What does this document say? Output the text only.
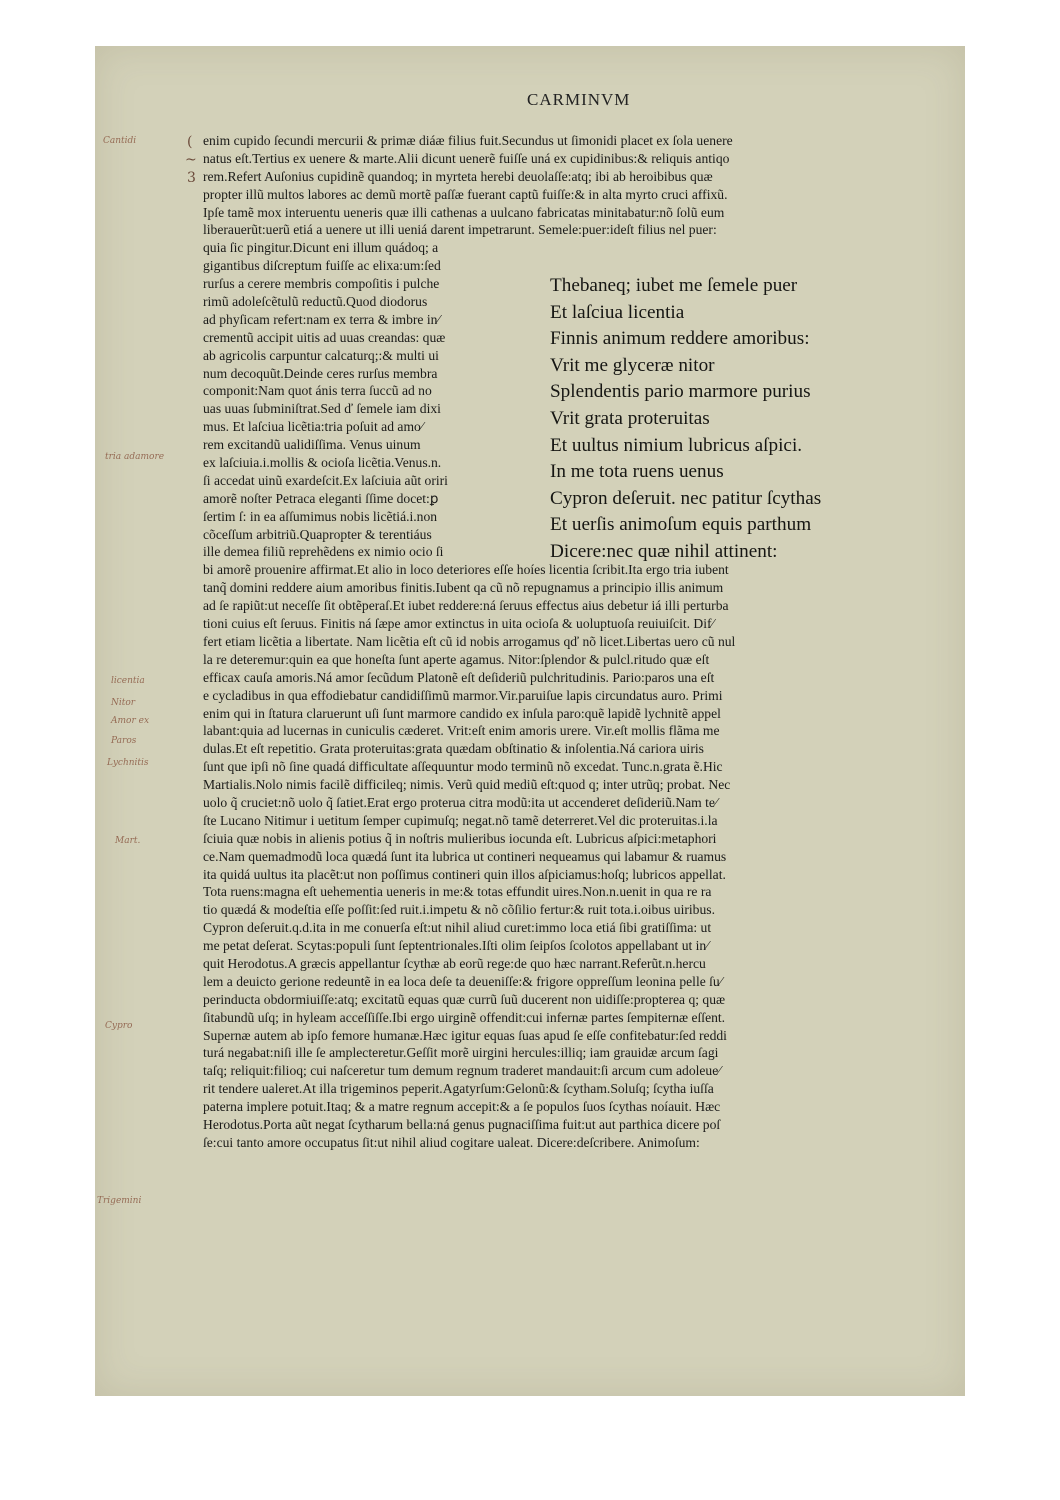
CARMINVM
enim cupido ſecundi mercurii & primæ diáæ filius fuit.Secundus ut ſimonidi placet ex ſola uenere
natus eſt.Tertius ex uenere & marte.Alii dicunt uenerẽ fuiſſe uná ex cupidinibus:& reliquis antiqo
rem.Refert Auſonius cupidinẽ quandoq; in myrteta herebi deuolaſſe:atq; ibi ab heroibibus quæ
propter illũ multos labores ac demũ mortẽ paſſæ fuerant captũ fuiſſe:& in alta myrto cruci affixũ.
Ipſe tamẽ mox interuentu ueneris quæ illi cathenas a uulcano fabricatas minitabatur:nõ ſolũ eum
liberauerũt:uerũ etiá a uenere ut illi ueniá darent impetrarunt. Semele:puer:ideſt filius nel puer:
quia ſic pingitur.Dicunt eni illum quádoq; a
gigantibus diſcreptum fuiſſe ac elixa:um:ſed
rurſus a cerere membris compoſitis i pulche
rimũ adoleſcẽtulũ reductũ.Quod diodorus
ad phyſicam refert:nam ex terra & imbre in⁄
crementũ accipit uitis ad uuas creandas: quæ
ab agricolis carpuntur calcaturq;:& multi ui
num decoquũt.Deinde ceres rurſus membra
componit:Nam quot ánis terra ſuccũ ad no
uas uuas ſubminiſtrat.Sed ď ſemele iam dixi
mus. Et laſciua licẽtia:tria poſuit ad amo⁄
rem excitandũ ualidiſſima. Venus uinum
ex laſciuia.i.mollis & ocioſa licẽtia.Venus.n.
ſi accedat uinũ exardeſcit.Ex laſciuia aũt oriri
amorẽ noſter Petraca eleganti ſſime docet:ꝑ
ſertim ſ: in ea aſſumimus nobis licẽtiá.i.non
cõceſſum arbitriũ.Quapropter & terentiáus
ille demea filiũ reprehẽdens ex nimio ocio ſi
bi amorẽ prouenire affirmat.Et alio in loco deteriores eſſe hoíes licentia ſcribit.Ita ergo tria iubent
tanq̃ domini reddere aium amoribus finitis.Iubent qa cũ nõ repugnamus a principio illis animum
ad ſe rapiũt:ut neceſſe ſit obtẽperaſ.Et iubet reddere:ná ſeruus effectus aius debetur iá illi perturba
tioni cuius eſt ſeruus. Finitis ná ſæpe amor extinctus in uita ocioſa & uoluptuoſa reuiuiſcit. Dif⁄
fert etiam licẽtia a libertate. Nam licẽtia eſt cũ id nobis arrogamus qď nõ licet.Libertas uero cũ nul
la re deteremur:quin ea que honeſta ſunt aperte agamus. Nitor:ſplendor & pulcl.ritudo quæ eſt
efficax cauſa amoris.Ná amor ſecũdum Platonẽ eſt deſideriũ pulchritudinis. Pario:paros una eſt
e cycladibus in qua effodiebatur candidiſſimũ marmor.Vir.paruiſue lapis circundatus auro. Primi
enim qui in ſtatura claruerunt uſi ſunt marmore candido ex inſula paro:quẽ lapidẽ lychnitẽ appel
labant:quia ad lucernas in cuniculis cæderet. Vrit:eſt enim amoris urere. Vir.eſt mollis flãma me
dulas.Et eſt repetitio. Grata proteruitas:grata quædam obſtinatio & inſolentia.Ná cariora uiris
ſunt que ipſi nõ ſine quadá difficultate aſſequuntur modo terminũ nõ excedat. Tunc.n.grata ẽ.Hic
Martialis.Nolo nimis facilẽ difficileq; nimis. Verũ quid mediũ eſt:quod q; inter utrũq; probat. Nec
uolo q̃ cruciet:nõ uolo q̃ ſatiet.Erat ergo proterua citra modũ:ita ut accenderet deſideriũ.Nam te⁄
ſte Lucano Nitimur i uetitum ſemper cupimuſq; negat.nõ tamẽ deterreret.Vel dic proteruitas.i.la
ſciuia quæ nobis in alienis potius q̃ in noſtris mulieribus iocunda eſt. Lubricus aſpici:metaphori
ce.Nam quemadmodũ loca quædá ſunt ita lubrica ut contineri nequeamus qui labamur & ruamus
ita quidá uultus ita placẽt:ut non poſſimus contineri quin illos aſpiciamus:hoſq; lubricos appellat.
Tota ruens:magna eſt uehementia ueneris in me:& totas effundit uires.Non.n.uenit in qua re ra
tio quædá & modeſtia eſſe poſſit:ſed ruit.i.impetu & nõ cõſilio fertur:& ruit tota.i.oibus uiribus.
Cypron deſeruit.q.d.ita in me conuerſa eſt:ut nihil aliud curet:immo loca etiá ſibi gratiſſima: ut
me petat deſerat. Scytas:populi ſunt ſeptentrionales.Iſti olim ſeipſos ſcolotos appellabant ut in⁄
quit Herodotus.A græcis appellantur ſcythæ ab eorũ rege:de quo hæc narrant.Referũt.n.hercu
lem a deuicto gerione redeuntẽ in ea loca deſe ta deueniſſe:& frigore oppreſſum leonina pelle ſu⁄
perinducta obdormiuiſſe:atq; excitatũ equas quæ currũ ſuũ ducerent non uidiſſe:propterea q; quæ
ſitabundũ uſq; in hyleam acceſſiſſe.Ibi ergo uirginẽ offendit:cui infernæ partes ſempiternæ eſſent.
Supernæ autem ab ipſo femore humanæ.Hæc igitur equas ſuas apud ſe eſſe confitebatur:ſed reddi
turá negabat:niſi ille ſe amplecteretur.Geſſit morẽ uirgini hercules:illiq; iam grauidæ arcum ſagi
taſq; reliquit:filioq; cui naſceretur tum demum regnum traderet mandauit:ſi arcum cum adoleue⁄
rit tendere ualeret.At illa trigeminos peperit.Agatyrſum:Gelonũ:& ſcytham.Soluſq; ſcytha iuſſa
paterna implere potuit.Itaq; & a matre regnum accepit:& a ſe populos ſuos ſcythas noíauit. Hæc
Herodotus.Porta aũt negat ſcytharum bella:ná genus pugnaciſſima fuit:ut aut parthica dicere poſ
ſe:cui tanto amore occupatus ſit:ut nihil aliud cogitare ualeat. Dicere:deſcribere. Animoſum:
Thebaneq; iubet me ſemele puer
Et laſciua licentia
Finnis animum reddere amoribus:
Vrit me glyceræ nitor
Splendentis pario marmore purius
Vrit grata proteruitas
Et uultus nimium lubricus aſpici.
In me tota ruens uenus
Cypron deſeruit. nec patitur ſcythas
Et uerſis animoſum equis parthum
Dicere:nec quæ nihil attinent:
Cantidi
tria adamore
licentia
Nitor
Amor ex
Paros
Lychnitis
Mart.
Cypro
Trigemini
(
~
3
